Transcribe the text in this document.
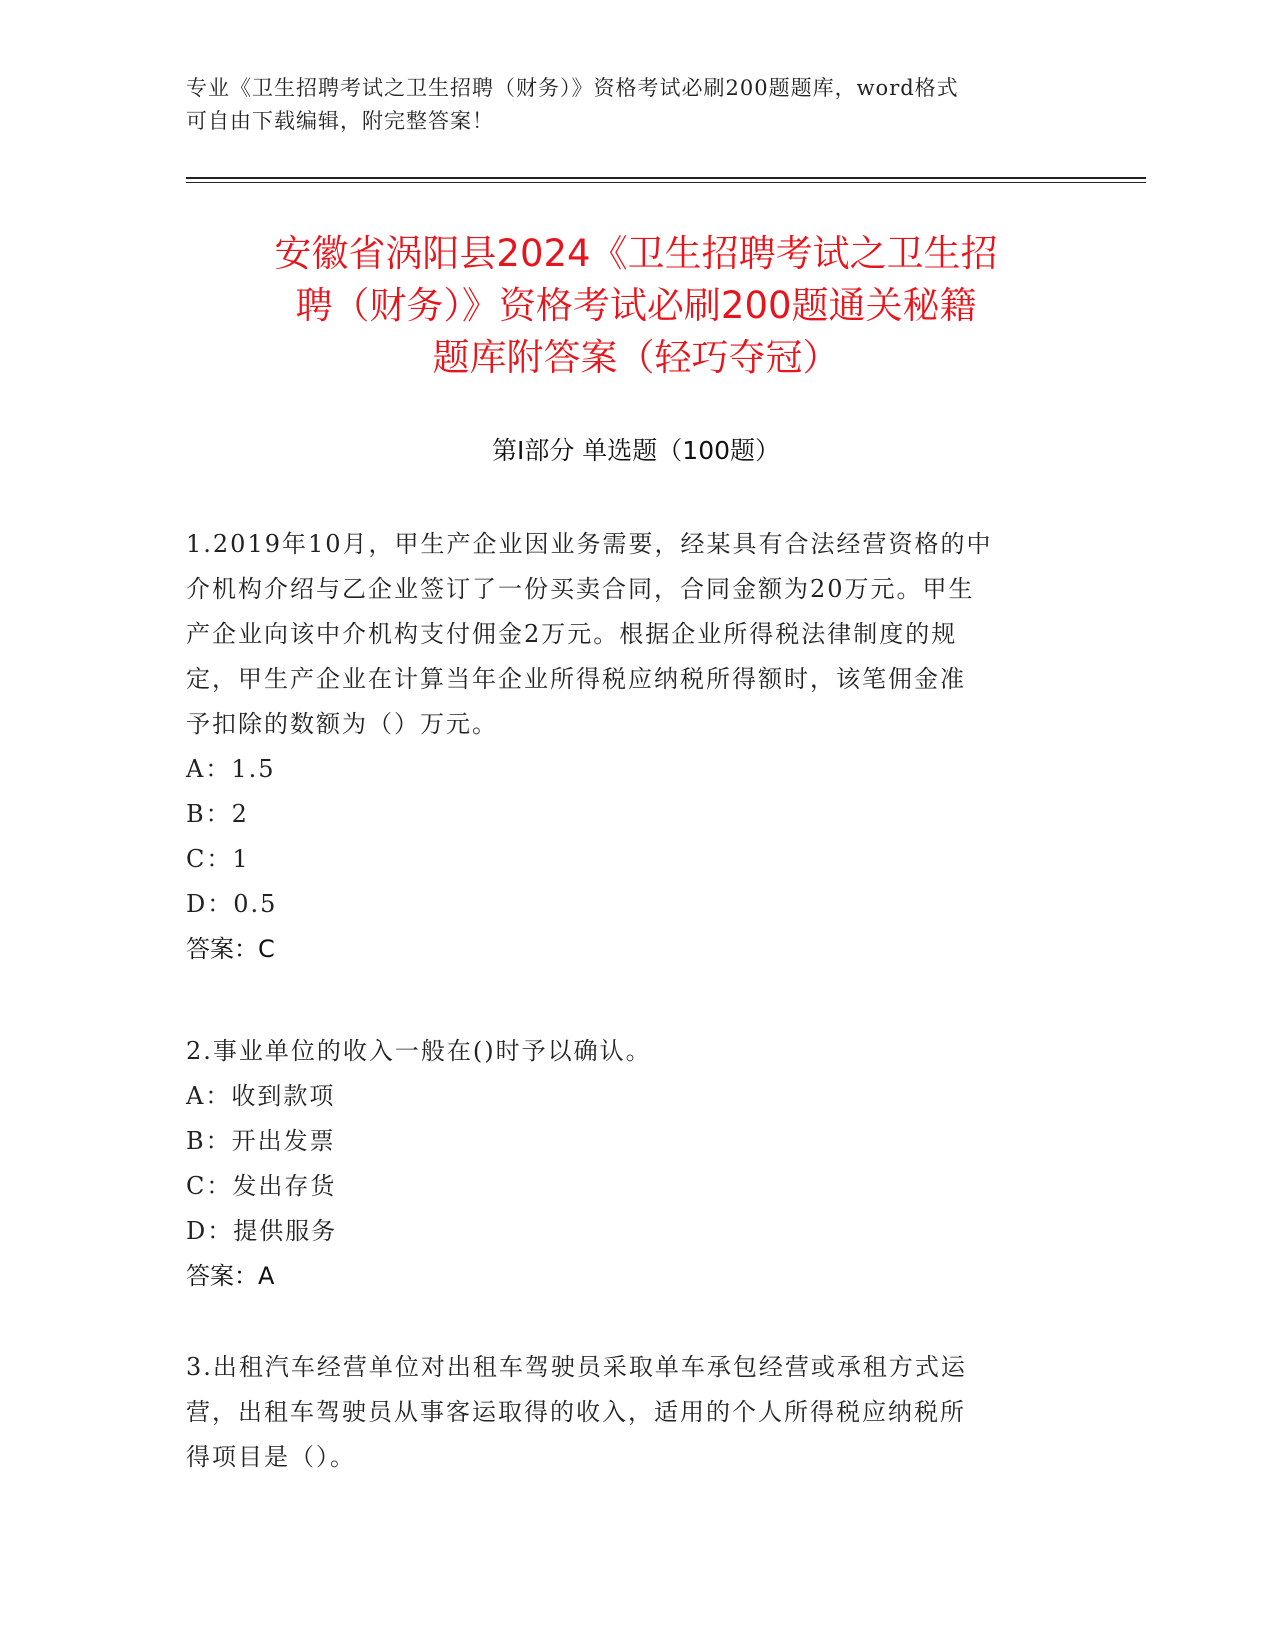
专业《卫生招聘考试之卫生招聘（财务）》资格考试必刷200题题库，word格式
可自由下载编辑，附完整答案！
安徽省涡阳县2024《卫生招聘考试之卫生招
聘（财务）》资格考试必刷200题通关秘籍
题库附答案（轻巧夺冠）
第Ⅰ部分 单选题（100题）

1.2019年10月，甲生产企业因业务需要，经某具有合法经营资格的中

介机构介绍与乙企业签订了一份买卖合同，合同金额为20万元。甲生

产企业向该中介机构支付佣金2万元。根据企业所得税法律制度的规

定，甲生产企业在计算当年企业所得税应纳税所得额时，该笔佣金准

予扣除的数额为（）万元。

A：1.5

B：2

C：1

D：0.5

答案：C

2.事业单位的收入一般在()时予以确认。

A：收到款项

B：开出发票

C：发出存货

D：提供服务

答案：A

3.出租汽车经营单位对出租车驾驶员采取单车承包经营或承租方式运

营，出租车驾驶员从事客运取得的收入，适用的个人所得税应纳税所

得项目是（）。
